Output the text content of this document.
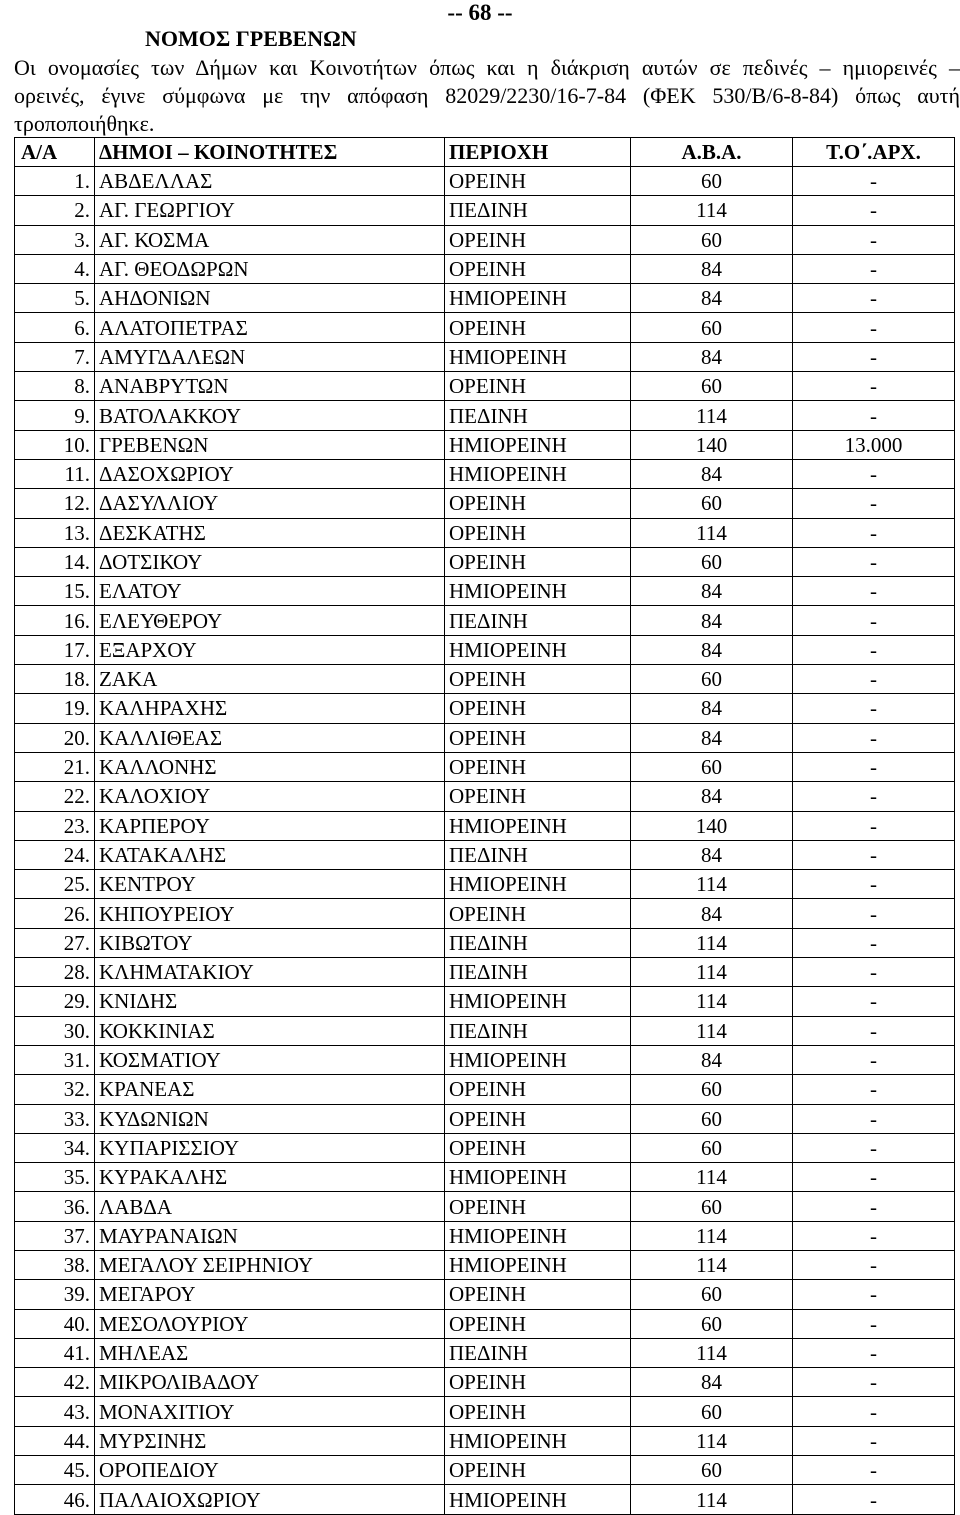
-- 68 --
ΝΟΜΟΣ ΓΡΕΒΕΝΩΝ
Οι ονομασίες των Δήμων και Κοινοτήτων όπως και η διάκριση αυτών σε πεδινές – ημιορεινές –
ορεινές, έγινε σύμφωνα με την απόφαση 82029/2230/16-7-84 (ΦΕΚ 530/Β/6-8-84) όπως αυτή
τροποποιήθηκε.
Α/Α	ΔΗΜΟΙ – ΚΟΙΝΟΤΗΤΕΣ	ΠΕΡΙΟΧΗ	Α.Β.Α.	Τ.Ο΄.ΑΡΧ.
1.	ΑΒΔΕΛΛΑΣ	ΟΡΕΙΝΗ	60	-
2.	ΑΓ. ΓΕΩΡΓΙΟΥ	ΠΕΔΙΝΗ	114	-
3.	ΑΓ. ΚΟΣΜΑ	ΟΡΕΙΝΗ	60	-
4.	ΑΓ. ΘΕΟΔΩΡΩΝ	ΟΡΕΙΝΗ	84	-
5.	ΑΗΔΟΝΙΩΝ	ΗΜΙΟΡΕΙΝΗ	84	-
6.	ΑΛΑΤΟΠΕΤΡΑΣ	ΟΡΕΙΝΗ	60	-
7.	ΑΜΥΓΔΑΛΕΩΝ	ΗΜΙΟΡΕΙΝΗ	84	-
8.	ΑΝΑΒΡΥΤΩΝ	ΟΡΕΙΝΗ	60	-
9.	ΒΑΤΟΛΑΚΚΟΥ	ΠΕΔΙΝΗ	114	-
10.	ΓΡΕΒΕΝΩΝ	ΗΜΙΟΡΕΙΝΗ	140	13.000
11.	ΔΑΣΟΧΩΡΙΟΥ	ΗΜΙΟΡΕΙΝΗ	84	-
12.	ΔΑΣΥΛΛΙΟΥ	ΟΡΕΙΝΗ	60	-
13.	ΔΕΣΚΑΤΗΣ	ΟΡΕΙΝΗ	114	-
14.	ΔΟΤΣΙΚΟΥ	ΟΡΕΙΝΗ	60	-
15.	ΕΛΑΤΟΥ	ΗΜΙΟΡΕΙΝΗ	84	-
16.	ΕΛΕΥΘΕΡΟΥ	ΠΕΔΙΝΗ	84	-
17.	ΕΞΑΡΧΟΥ	ΗΜΙΟΡΕΙΝΗ	84	-
18.	ΖΑΚΑ	ΟΡΕΙΝΗ	60	-
19.	ΚΑΛΗΡΑΧΗΣ	ΟΡΕΙΝΗ	84	-
20.	ΚΑΛΛΙΘΕΑΣ	ΟΡΕΙΝΗ	84	-
21.	ΚΑΛΛΟΝΗΣ	ΟΡΕΙΝΗ	60	-
22.	ΚΑΛΟΧΙΟΥ	ΟΡΕΙΝΗ	84	-
23.	ΚΑΡΠΕΡΟΥ	ΗΜΙΟΡΕΙΝΗ	140	-
24.	ΚΑΤΑΚΑΛΗΣ	ΠΕΔΙΝΗ	84	-
25.	ΚΕΝΤΡΟΥ	ΗΜΙΟΡΕΙΝΗ	114	-
26.	ΚΗΠΟΥΡΕΙΟΥ	ΟΡΕΙΝΗ	84	-
27.	ΚΙΒΩΤΟΥ	ΠΕΔΙΝΗ	114	-
28.	ΚΛΗΜΑΤΑΚΙΟΥ	ΠΕΔΙΝΗ	114	-
29.	ΚΝΙΔΗΣ	ΗΜΙΟΡΕΙΝΗ	114	-
30.	ΚΟΚΚΙΝΙΑΣ	ΠΕΔΙΝΗ	114	-
31.	ΚΟΣΜΑΤΙΟΥ	ΗΜΙΟΡΕΙΝΗ	84	-
32.	ΚΡΑΝΕΑΣ	ΟΡΕΙΝΗ	60	-
33.	ΚΥΔΩΝΙΩΝ	ΟΡΕΙΝΗ	60	-
34.	ΚΥΠΑΡΙΣΣΙΟΥ	ΟΡΕΙΝΗ	60	-
35.	ΚΥΡΑΚΑΛΗΣ	ΗΜΙΟΡΕΙΝΗ	114	-
36.	ΛΑΒΔΑ	ΟΡΕΙΝΗ	60	-
37.	ΜΑΥΡΑΝΑΙΩΝ	ΗΜΙΟΡΕΙΝΗ	114	-
38.	ΜΕΓΑΛΟΥ ΣΕΙΡΗΝΙΟΥ	ΗΜΙΟΡΕΙΝΗ	114	-
39.	ΜΕΓΑΡΟΥ	ΟΡΕΙΝΗ	60	-
40.	ΜΕΣΟΛΟΥΡΙΟΥ	ΟΡΕΙΝΗ	60	-
41.	ΜΗΛΕΑΣ	ΠΕΔΙΝΗ	114	-
42.	ΜΙΚΡΟΛΙΒΑΔΟΥ	ΟΡΕΙΝΗ	84	-
43.	ΜΟΝΑΧΙΤΙΟΥ	ΟΡΕΙΝΗ	60	-
44.	ΜΥΡΣΙΝΗΣ	ΗΜΙΟΡΕΙΝΗ	114	-
45.	ΟΡΟΠΕΔΙΟΥ	ΟΡΕΙΝΗ	60	-
46.	ΠΑΛΑΙΟΧΩΡΙΟΥ	ΗΜΙΟΡΕΙΝΗ	114	-
